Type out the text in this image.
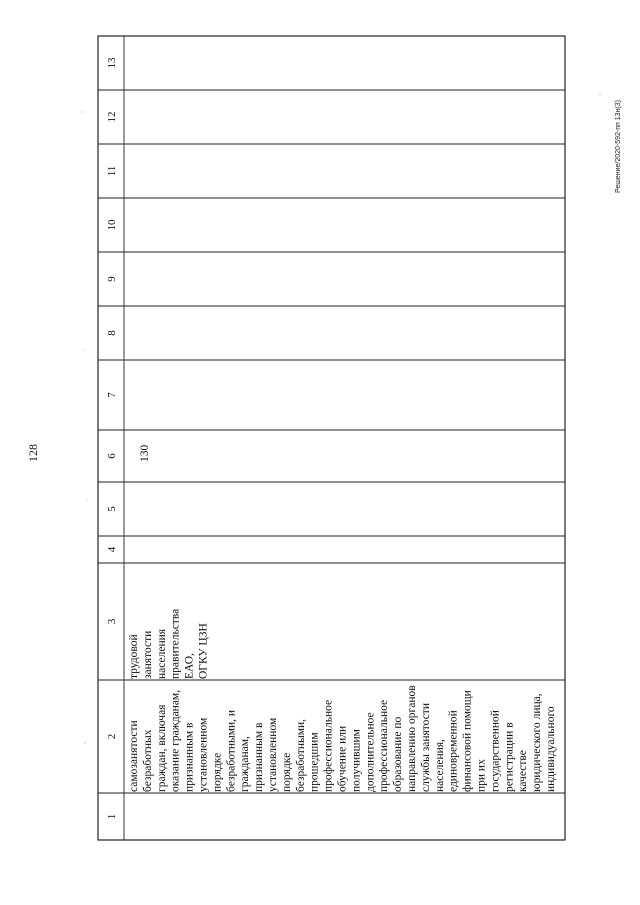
128
Решение/2020-592-пп 13н(3)
1
2
3
4
5
6
7
8
9
10
11
12
13
самозанятости безработных граждан, включая оказание гражданам, признанным в установленном порядке безработными, и гражданам, признанным в установленном порядке безработными, прошедшим профессиональное обучение или получившим дополнительное профессиональное образование по направлению органов службы занятости населения, единовременной финансовой помощи при их государственной регистрации в качестве юридического лица, индивидуального
трудовой занятости населения правительства ЕАО, ОГКУ ЦЗН
130
